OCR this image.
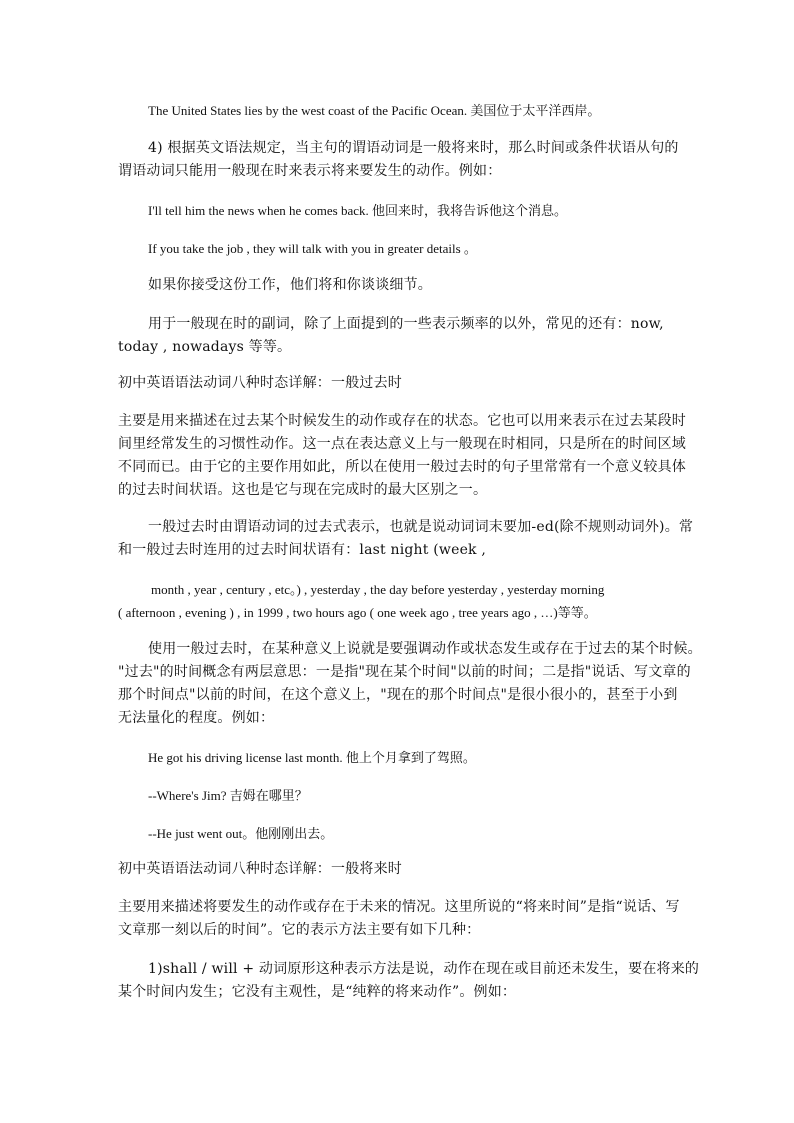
The United States lies by the west coast of the Pacific Ocean. 美国位于太平洋西岸。
4) 根据英文语法规定，当主句的谓语动词是一般将来时，那么时间或条件状语从句的
谓语动词只能用一般现在时来表示将来要发生的动作。例如：
I'll tell him the news when he comes back. 他回来时，我将告诉他这个消息。
If you take the job , they will talk with you in greater details 。
如果你接受这份工作，他们将和你谈谈细节。
用于一般现在时的副词，除了上面提到的一些表示频率的以外，常见的还有：now,
today , nowadays 等等。
初中英语语法动词八种时态详解：一般过去时
主要是用来描述在过去某个时候发生的动作或存在的状态。它也可以用来表示在过去某段时
间里经常发生的习惯性动作。这一点在表达意义上与一般现在时相同，只是所在的时间区域
不同而已。由于它的主要作用如此，所以在使用一般过去时的句子里常常有一个意义较具体
的过去时间状语。这也是它与现在完成时的最大区别之一。
一般过去时由谓语动词的过去式表示，也就是说动词词末要加-ed(除不规则动词外)。常
和一般过去时连用的过去时间状语有：last night (week ,
month , year , century , etc。) , yesterday , the day before yesterday , yesterday morning
( afternoon , evening ) , in 1999 , two hours ago ( one week ago , tree years ago , …)等等。
使用一般过去时，在某种意义上说就是要强调动作或状态发生或存在于过去的某个时候。
"过去"的时间概念有两层意思：一是指"现在某个时间"以前的时间；二是指"说话、写文章的
那个时间点"以前的时间，在这个意义上，"现在的那个时间点"是很小很小的，甚至于小到
无法量化的程度。例如：
He got his driving license last month. 他上个月拿到了驾照。
--Where's Jim? 吉姆在哪里？
--He just went out。他刚刚出去。
初中英语语法动词八种时态详解：一般将来时
主要用来描述将要发生的动作或存在于未来的情况。这里所说的“将来时间”是指“说话、写
文章那一刻以后的时间”。它的表示方法主要有如下几种：
1)shall / will + 动词原形这种表示方法是说，动作在现在或目前还未发生，要在将来的
某个时间内发生；它没有主观性，是“纯粹的将来动作”。例如：
